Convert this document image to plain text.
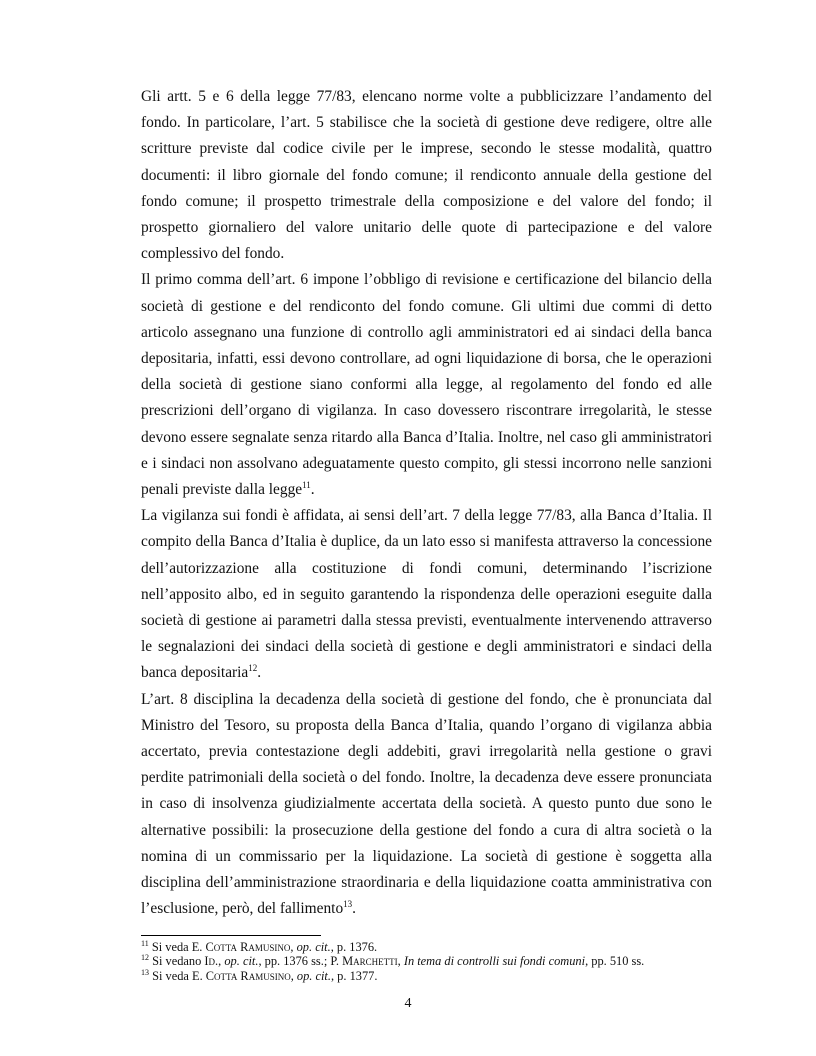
Gli artt. 5 e 6 della legge 77/83, elencano norme volte a pubblicizzare l’andamento del fondo. In particolare, l’art. 5 stabilisce che la società di gestione deve redigere, oltre alle scritture previste dal codice civile per le imprese, secondo le stesse modalità, quattro documenti: il libro giornale del fondo comune; il rendiconto annuale della gestione del fondo comune; il prospetto trimestrale della composizione e del valore del fondo; il prospetto giornaliero del valore unitario delle quote di partecipazione e del valore complessivo del fondo.

Il primo comma dell’art. 6 impone l’obbligo di revisione e certificazione del bilancio della società di gestione e del rendiconto del fondo comune. Gli ultimi due commi di detto articolo assegnano una funzione di controllo agli amministratori ed ai sindaci della banca depositaria, infatti, essi devono controllare, ad ogni liquidazione di borsa, che le operazioni della società di gestione siano conformi alla legge, al regolamento del fondo ed alle prescrizioni dell’organo di vigilanza. In caso dovessero riscontrare irregolarità, le stesse devono essere segnalate senza ritardo alla Banca d’Italia. Inoltre, nel caso gli amministratori e i sindaci non assolvano adeguatamente questo compito, gli stessi incorrono nelle sanzioni penali previste dalla legge$^{11}$.

La vigilanza sui fondi è affidata, ai sensi dell’art. 7 della legge 77/83, alla Banca d’Italia. Il compito della Banca d’Italia è duplice, da un lato esso si manifesta attraverso la concessione dell’autorizzazione alla costituzione di fondi comuni, determinando l’iscrizione nell’apposito albo, ed in seguito garantendo la rispondenza delle operazioni eseguite dalla società di gestione ai parametri dalla stessa previsti, eventualmente intervenendo attraverso le segnalazioni dei sindaci della società di gestione e degli amministratori e sindaci della banca depositaria$^{12}$.

L’art. 8 disciplina la decadenza della società di gestione del fondo, che è pronunciata dal Ministro del Tesoro, su proposta della Banca d’Italia, quando l’organo di vigilanza abbia accertato, previa contestazione degli addebiti, gravi irregolarità nella gestione o gravi perdite patrimoniali della società o del fondo. Inoltre, la decadenza deve essere pronunciata in caso di insolvenza giudizialmente accertata della società. A questo punto due sono le alternative possibili: la prosecuzione della gestione del fondo a cura di altra società o la nomina di un commissario per la liquidazione. La società di gestione è soggetta alla disciplina dell’amministrazione straordinaria e della liquidazione coatta amministrativa con l’esclusione, però, del fallimento$^{13}$.

$^{11}$ Si veda E. Cotta Ramusino, op. cit., p. 1376.

$^{12}$ Si vedano Id., op. cit., pp. 1376 ss.; P. Marchetti, In tema di controlli sui fondi comuni, pp. 510 ss.

$^{13}$ Si veda E. Cotta Ramusino, op. cit., p. 1377.

4
